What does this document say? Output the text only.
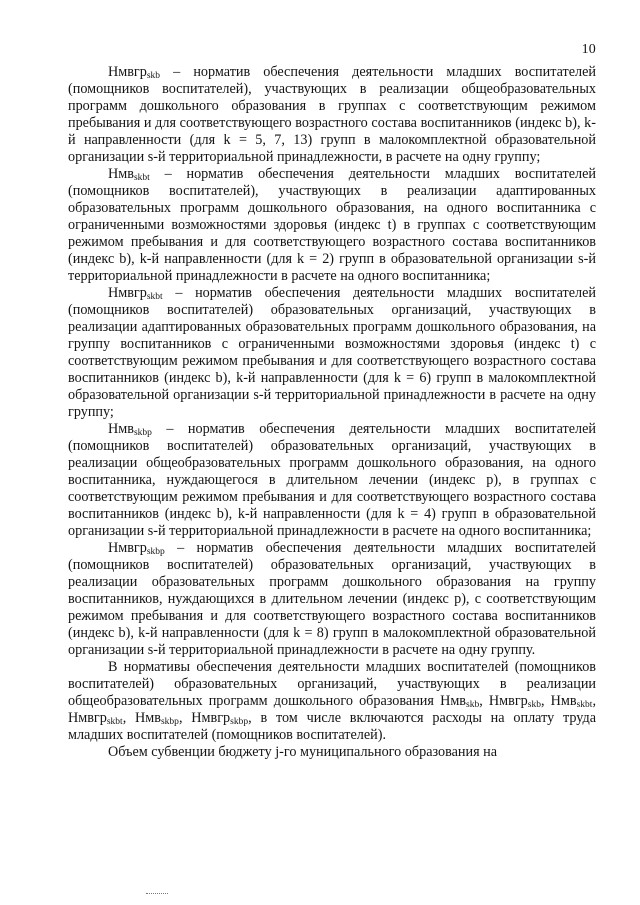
10

Нмвгр$_{skb}$ – норматив обеспечения деятельности младших воспитателей (помощников воспитателей), участвующих в реализации общеобразовательных программ дошкольного образования в группах с соответствующим режимом пребывания и для соответствующего возрастного состава воспитанников (индекс b), k-й направленности (для k = 5, 7, 13) групп в малокомплектной образовательной организации s-й территориальной принадлежности, в расчете на одну группу;

Нмв$_{skbt}$ – норматив обеспечения деятельности младших воспитателей (помощников воспитателей), участвующих в реализации адаптированных образовательных программ дошкольного образования, на одного воспитанника с ограниченными возможностями здоровья (индекс t) в группах с соответствующим режимом пребывания и для соответствующего возрастного состава воспитанников (индекс b), k-й направленности (для k = 2) групп в образовательной организации s-й территориальной принадлежности в расчете на одного воспитанника;

Нмвгр$_{skbt}$ – норматив обеспечения деятельности младших воспитателей (помощников воспитателей) образовательных организаций, участвующих в реализации адаптированных образовательных программ дошкольного образования, на группу воспитанников с ограниченными возможностями здоровья (индекс t) с соответствующим режимом пребывания и для соответствующего возрастного состава воспитанников (индекс b), k-й направленности (для k = 6) групп в малокомплектной образовательной организации s-й территориальной принадлежности в расчете на одну группу;

Нмв$_{skbp}$ – норматив обеспечения деятельности младших воспитателей (помощников воспитателей) образовательных организаций, участвующих в реализации общеобразовательных программ дошкольного образования, на одного воспитанника, нуждающегося в длительном лечении (индекс p), в группах с соответствующим режимом пребывания и для соответствующего возрастного состава воспитанников (индекс b), k-й направленности (для k = 4) групп в образовательной организации s-й территориальной принадлежности в расчете на одного воспитанника;

Нмвгр$_{skbp}$ – норматив обеспечения деятельности младших воспитателей (помощников воспитателей) образовательных организаций, участвующих в реализации образовательных программ дошкольного образования на группу воспитанников, нуждающихся в длительном лечении (индекс p), с соответствующим режимом пребывания и для соответствующего возрастного состава воспитанников (индекс b), k-й направленности (для k = 8) групп в малокомплектной образовательной организации s-й территориальной принадлежности в расчете на одну группу.

В нормативы обеспечения деятельности младших воспитателей (помощников воспитателей) образовательных организаций, участвующих в реализации общеобразовательных программ дошкольного образования Нмв$_{skb}$, Нмвгр$_{skb}$, Нмв$_{skbt}$, Нмвгр$_{skbt}$, Нмв$_{skbp}$, Нмвгр$_{skbp}$, в том числе включаются расходы на оплату труда младших воспитателей (помощников воспитателей).

Объем субвенции бюджету j-го муниципального образования на
